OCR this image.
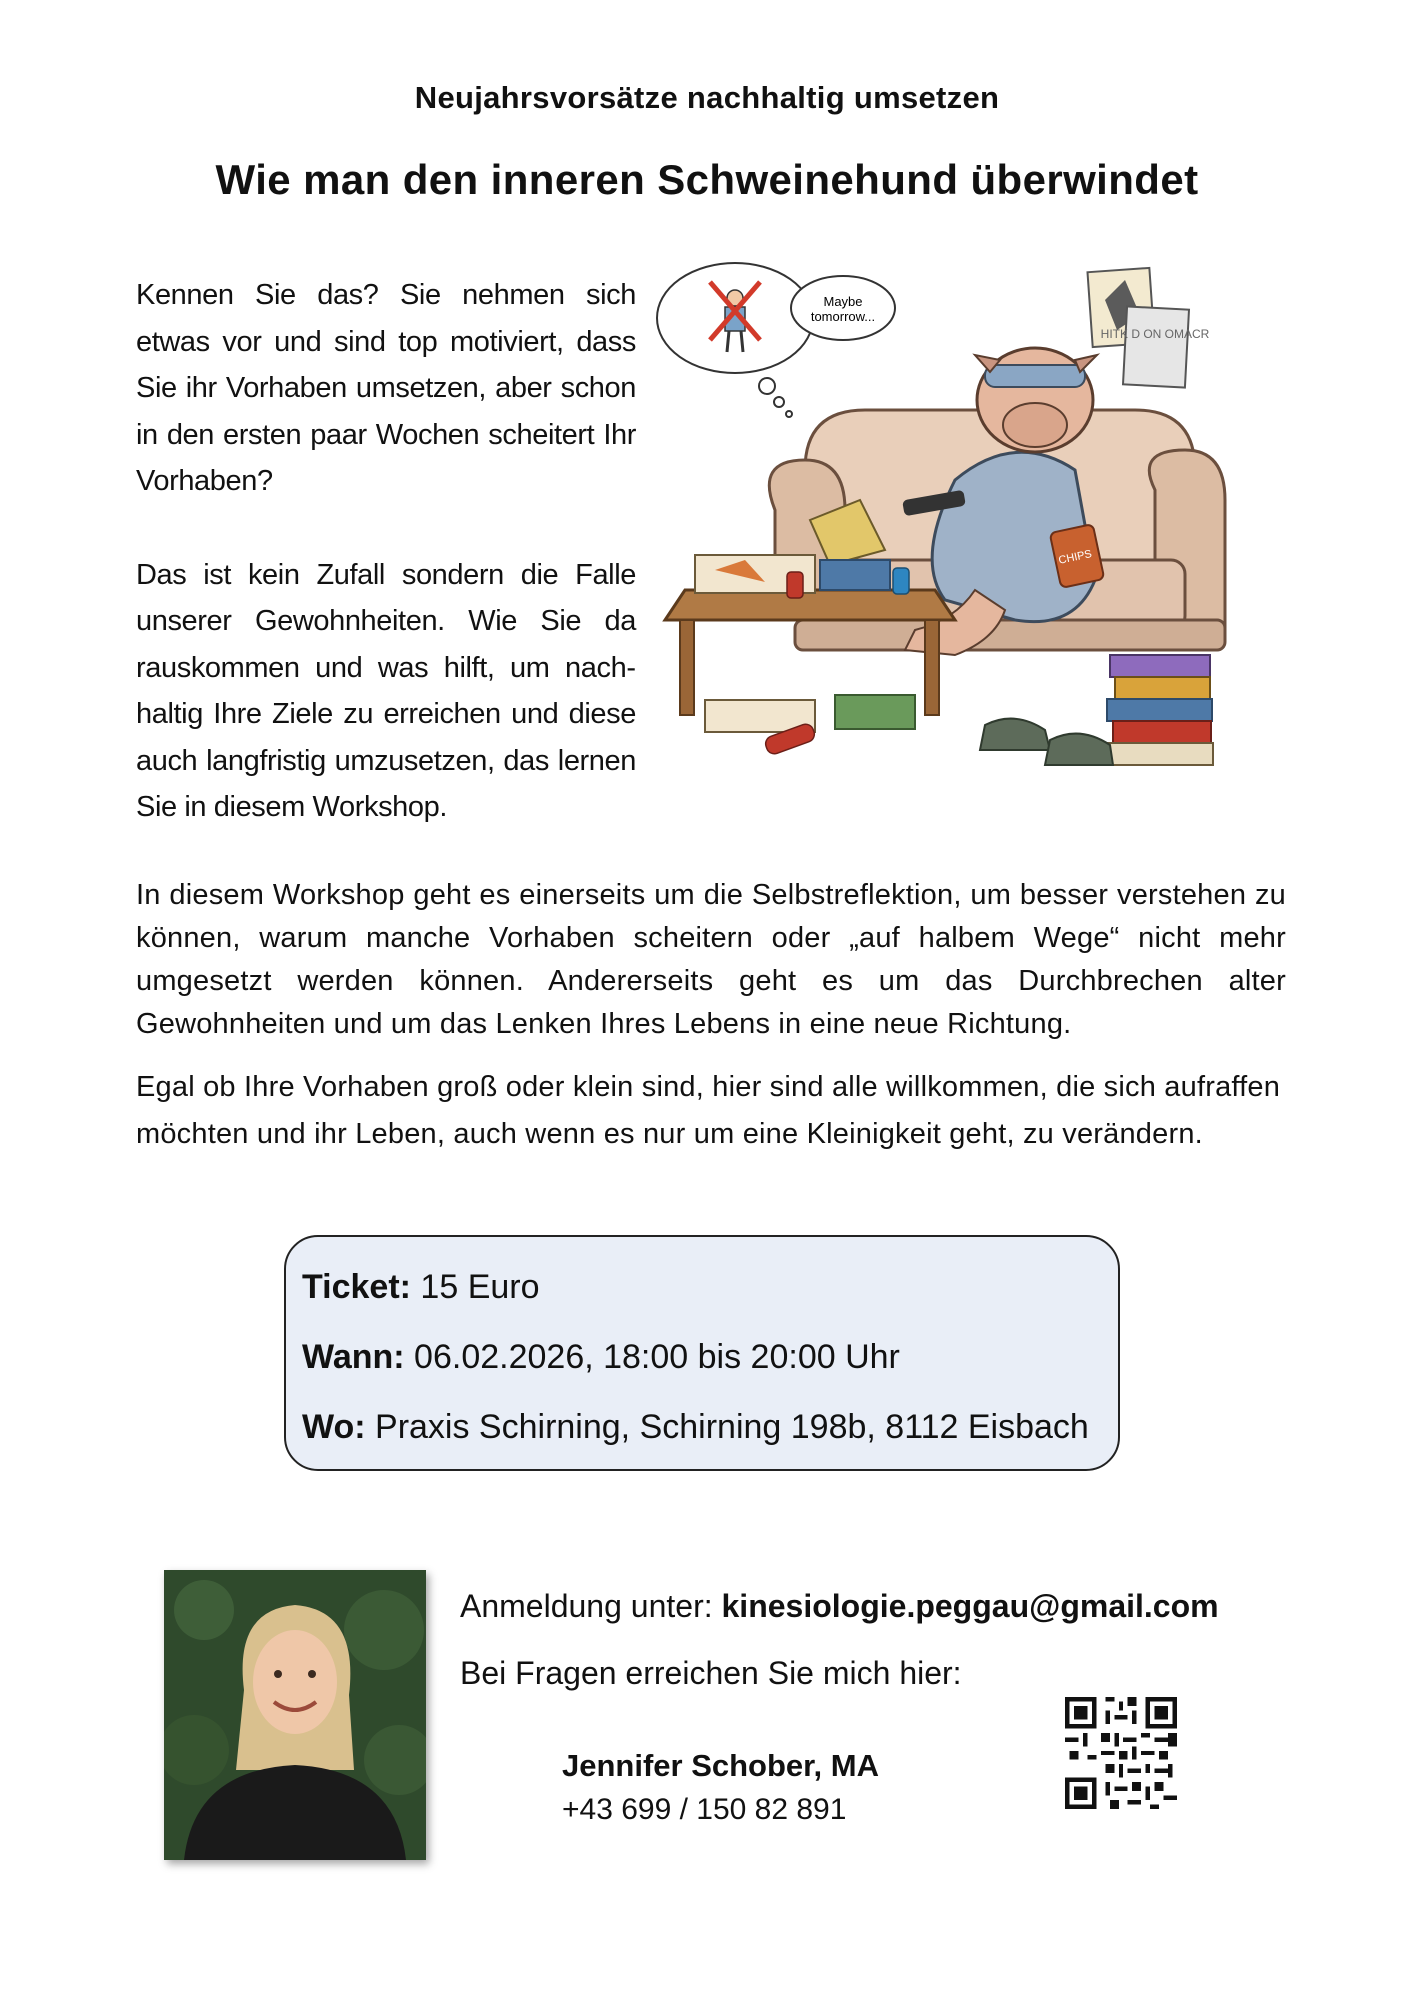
Neujahrsvorsätze nachhaltig umsetzen
Wie man den inneren Schweinehund überwindet

Kennen Sie das? Sie nehmen sich etwas vor und sind top motiviert, dass Sie ihr Vorhaben umsetzen, aber schon in den ersten paar Wochen scheitert Ihr Vorhaben?

Das ist kein Zufall sondern die Falle unserer Gewohnheiten. Wie Sie da rauskommen und was hilft, um nachhaltig Ihre Ziele zu erreichen und diese auch langfristig umzusetzen, das lernen Sie in diesem Workshop.

Maybe
tomorrow...
HITK D ON OMACR
CHIPS

In diesem Workshop geht es einerseits um die Selbstreflektion, um besser verstehen zu können, warum manche Vorhaben scheitern oder „auf halbem Wege“ nicht mehr umgesetzt werden können. Andererseits geht es um das Durchbrechen alter Gewohnheiten und um das Lenken Ihres Lebens in eine neue Richtung.

Egal ob Ihre Vorhaben groß oder klein sind, hier sind alle willkommen, die sich aufraffen möchten und ihr Leben, auch wenn es nur um eine Kleinigkeit geht, zu verändern.

Ticket: 15 Euro
Wann: 06.02.2026, 18:00 bis 20:00 Uhr
Wo: Praxis Schirning, Schirning 198b, 8112 Eisbach
Anmeldung unter: kinesiologie.peggau@gmail.com
Bei Fragen erreichen Sie mich hier:
Jennifer Schober, MA
+43 699 / 150 82 891
